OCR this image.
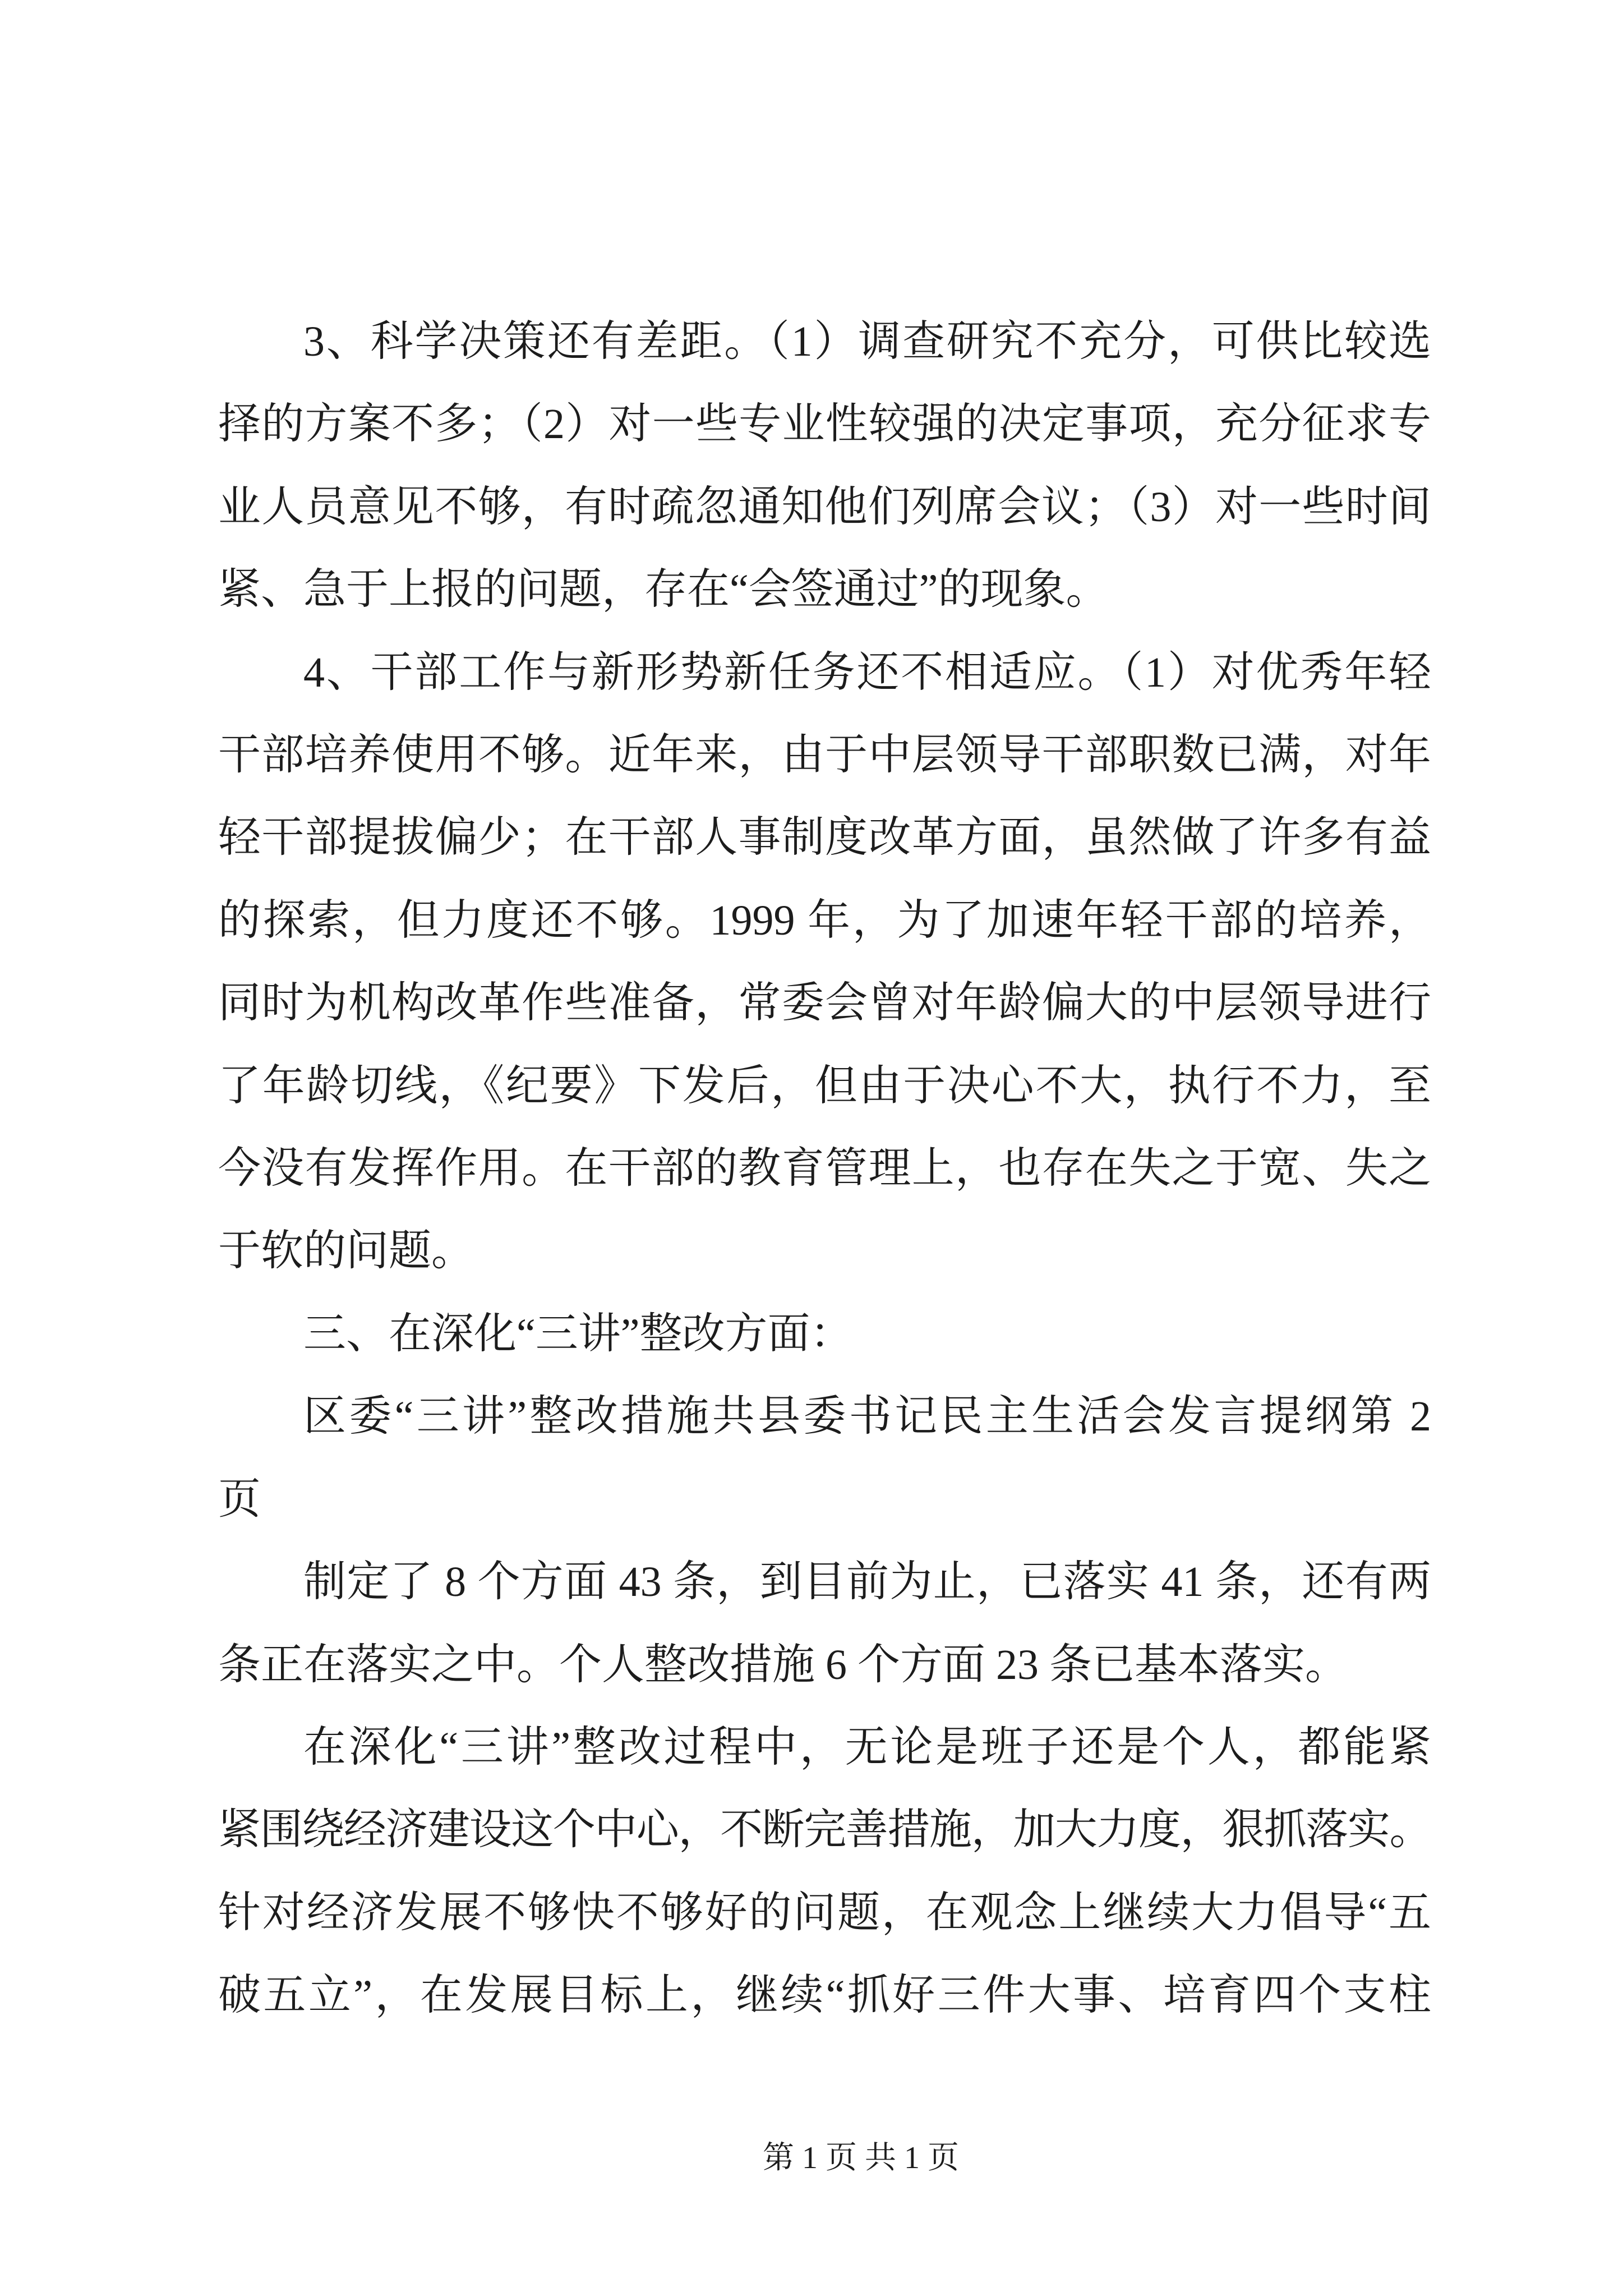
3、科学决策还有差距。（1）调查研究不充分，可供比较选
择的方案不多；（2）对一些专业性较强的决定事项，充分征求专
业人员意见不够，有时疏忽通知他们列席会议；（3）对一些时间
紧、急于上报的问题，存在“会签通过”的现象。
4、干部工作与新形势新任务还不相适应。（1）对优秀年轻
干部培养使用不够。近年来，由于中层领导干部职数已满，对年
轻干部提拔偏少；在干部人事制度改革方面，虽然做了许多有益
的探索，但力度还不够。1999 年，为了加速年轻干部的培养，
同时为机构改革作些准备，常委会曾对年龄偏大的中层领导进行
了年龄切线，《纪要》下发后，但由于决心不大，执行不力，至
今没有发挥作用。在干部的教育管理上，也存在失之于宽、失之
于软的问题。
三、在深化“三讲”整改方面：
区委“三讲”整改措施共县委书记民主生活会发言提纲第 2
页
制定了 8 个方面 43 条，到目前为止，已落实 41 条，还有两
条正在落实之中。个人整改措施 6 个方面 23 条已基本落实。
在深化“三讲”整改过程中，无论是班子还是个人，都能紧
紧围绕经济建设这个中心，不断完善措施，加大力度，狠抓落实。
针对经济发展不够快不够好的问题，在观念上继续大力倡导“五
破五立”，在发展目标上，继续“抓好三件大事、培育四个支柱
第 1 页 共 1 页
